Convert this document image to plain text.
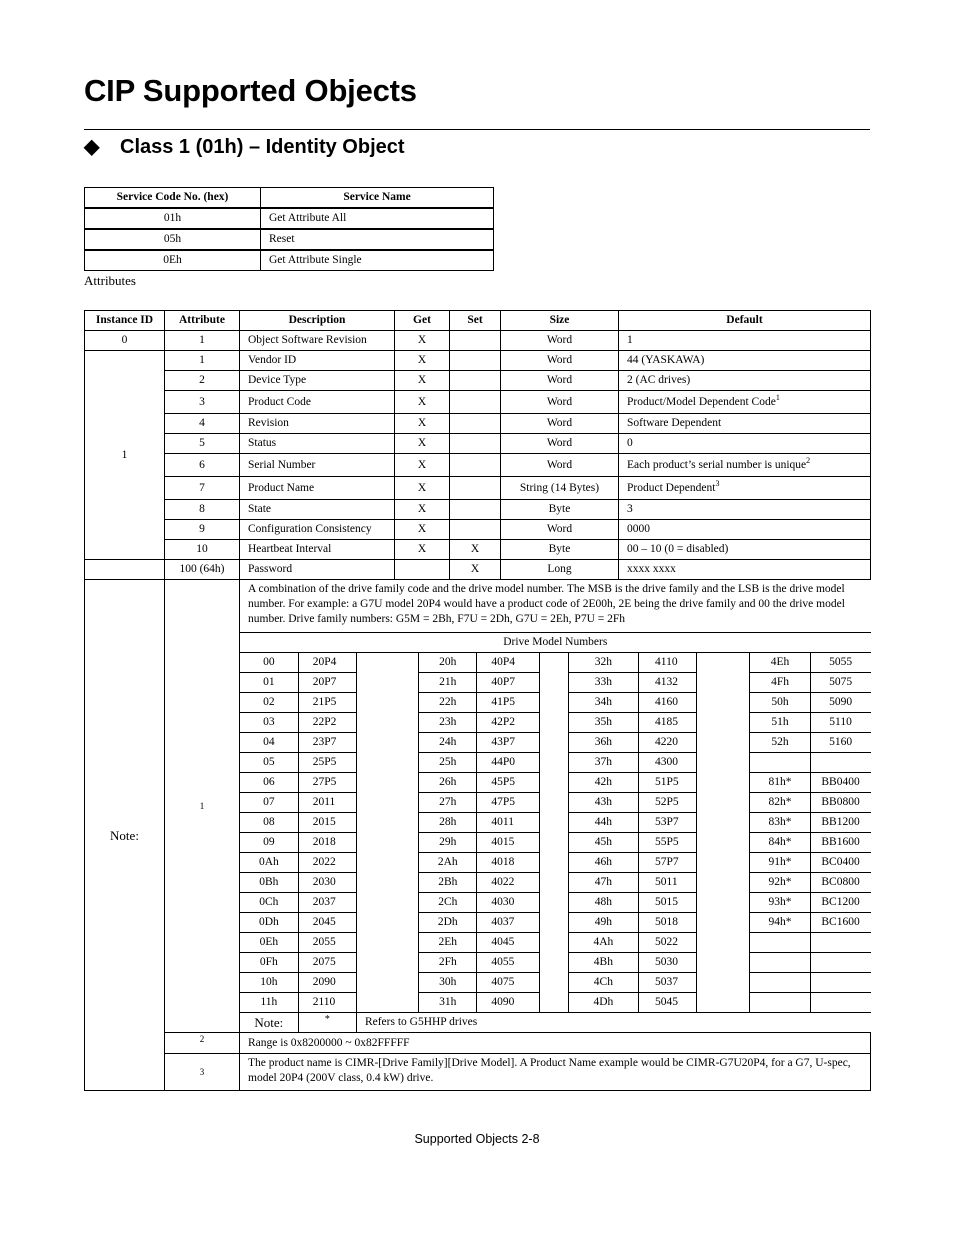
CIP Supported Objects
◆ Class 1 (01h) – Identity Object
Service Code No. (hex)	Service Name
01h	Get Attribute All
05h	Reset
0Eh	Get Attribute Single
Attributes
Instance ID	Attribute	Description	Get	Set	Size	Default
0	1	Object Software Revision	X		Word	1
1	1	Vendor ID	X		Word	44 (YASKAWA)
2	Device Type	X		Word	2 (AC drives)
3	Product Code	X		Word	Product/Model Dependent Code$^1$
4	Revision	X		Word	Software Dependent
5	Status	X		Word	0
6	Serial Number	X		Word	Each product’s serial number is unique$^2$
7	Product Name	X		String (14 Bytes)	Product Dependent$^3$
8	State	X		Byte	3
9	Configuration Consistency	X		Word	0000
10	Heartbeat Interval	X	X	Byte	00 – 10 (0 = disabled)
	100 (64h)	Password		X	Long	xxxx xxxx
Note:	1	
A combination of the drive family code and the drive model number. The MSB is the drive family and the LSB is the drive model number. For example: a G7U model 20P4 would have a product code of 2E00h, 2E being the drive family and 00 the drive model number. Drive family numbers: G5M = 2Bh, F7U = 2Dh, G7U = 2Eh, P7U = 2Fh
Drive Model Numbers
00	20P4		20h	40P4		32h	4110		4Eh	5055
01	20P7	21h	40P7	33h	4132	4Fh	5075
02	21P5	22h	41P5	34h	4160	50h	5090
03	22P2	23h	42P2	35h	4185	51h	5110
04	23P7	24h	43P7	36h	4220	52h	5160
05	25P5	25h	44P0	37h	4300		
06	27P5	26h	45P5	42h	51P5	81h*	BB0400
07	2011	27h	47P5	43h	52P5	82h*	BB0800
08	2015	28h	4011	44h	53P7	83h*	BB1200
09	2018	29h	4015	45h	55P5	84h*	BB1600
0Ah	2022	2Ah	4018	46h	57P7	91h*	BC0400
0Bh	2030	2Bh	4022	47h	5011	92h*	BC0800
0Ch	2037	2Ch	4030	48h	5015	93h*	BC1200
0Dh	2045	2Dh	4037	49h	5018	94h*	BC1600
0Eh	2055	2Eh	4045	4Ah	5022		
0Fh	2075	2Fh	4055	4Bh	5030		
10h	2090	30h	4075	4Ch	5037		
11h	2110	31h	4090	4Dh	5045		
Note:	*	Refers to G5HHP drives

2	Range is 0x8200000 ~ 0x82FFFFF
3	The product name is CIMR-[Drive Family][Drive Model]. A Product Name example would be CIMR-G7U20P4, for a G7, U-spec, model 20P4 (200V class, 0.4 kW) drive.
Supported Objects 2-8
